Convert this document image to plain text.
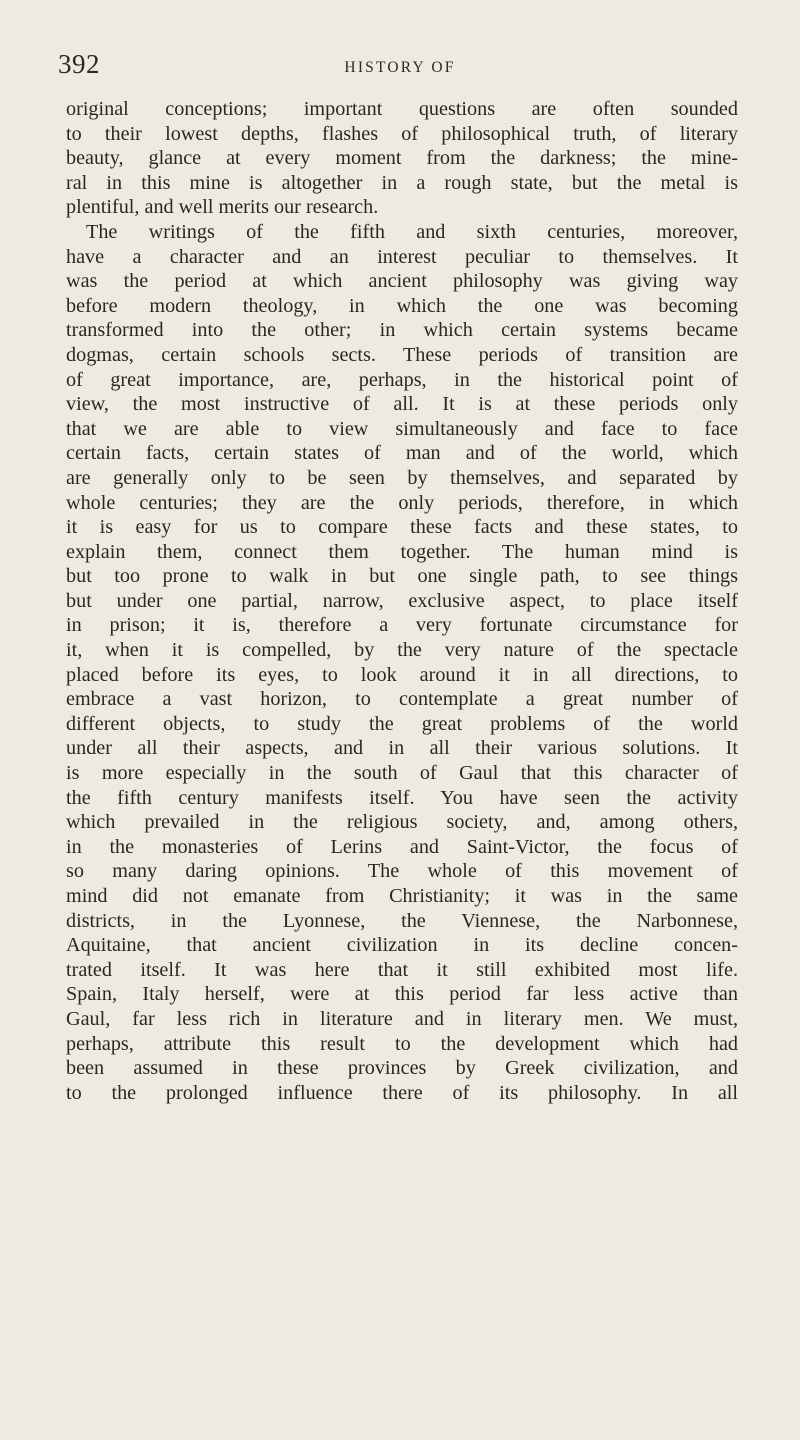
392	HISTORY OF
original conceptions; important questions are often sounded
to their lowest depths, flashes of philosophical truth, of literary
beauty, glance at every moment from the darkness; the mine-
ral in this mine is altogether in a rough state, but the metal is
plentiful, and well merits our research.
The writings of the fifth and sixth centuries, moreover,
have a character and an interest peculiar to themselves. It
was the period at which ancient philosophy was giving way
before modern theology, in which the one was becoming
transformed into the other; in which certain systems became
dogmas, certain schools sects. These periods of transition are
of great importance, are, perhaps, in the historical point of
view, the most instructive of all. It is at these periods only
that we are able to view simultaneously and face to face
certain facts, certain states of man and of the world, which
are generally only to be seen by themselves, and separated by
whole centuries; they are the only periods, therefore, in which
it is easy for us to compare these facts and these states, to
explain them, connect them together. The human mind is
but too prone to walk in but one single path, to see things
but under one partial, narrow, exclusive aspect, to place itself
in prison; it is, therefore a very fortunate circumstance for
it, when it is compelled, by the very nature of the spectacle
placed before its eyes, to look around it in all directions, to
embrace a vast horizon, to contemplate a great number of
different objects, to study the great problems of the world
under all their aspects, and in all their various solutions. It
is more especially in the south of Gaul that this character of
the fifth century manifests itself. You have seen the activity
which prevailed in the religious society, and, among others,
in the monasteries of Lerins and Saint-Victor, the focus of
so many daring opinions. The whole of this movement of
mind did not emanate from Christianity; it was in the same
districts, in the Lyonnese, the Viennese, the Narbonnese,
Aquitaine, that ancient civilization in its decline concen-
trated itself. It was here that it still exhibited most life.
Spain, Italy herself, were at this period far less active than
Gaul, far less rich in literature and in literary men. We must,
perhaps, attribute this result to the development which had
been assumed in these provinces by Greek civilization, and
to the prolonged influence there of its philosophy. In all
